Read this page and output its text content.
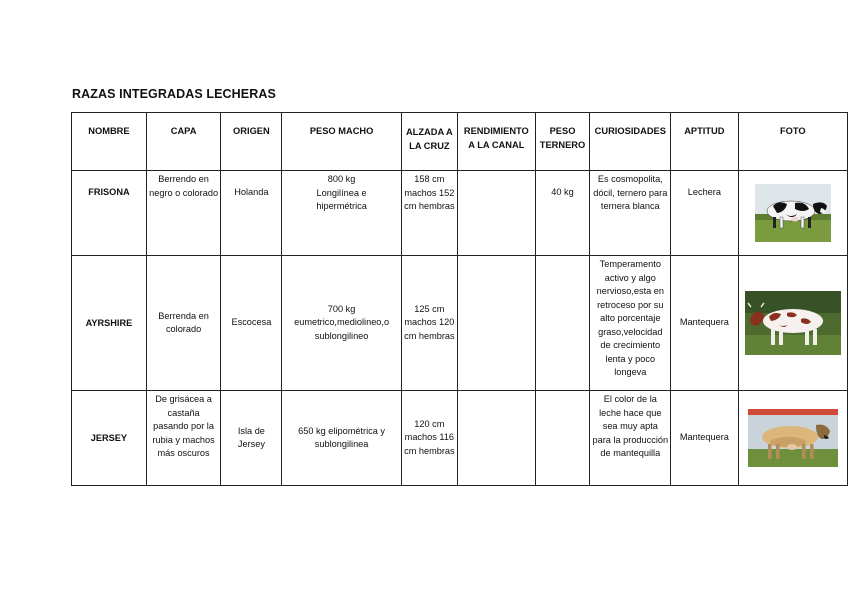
RAZAS INTEGRADAS LECHERAS
NOMBRE	CAPA	ORIGEN	PESO MACHO	ALZADA A LA CRUZ	RENDIMIENTO A LA CANAL	PESO TERNERO	CURIOSIDADES	APTITUD	FOTO
FRISONA	Berrendo en negro o colorado	Holanda	800 kg Longilínea e hipermétrica	158 cm machos 152 cm hembras		40 kg	Es cosmopolita, dócil, ternero para ternera blanca	Lechera	

AYRSHIRE	Berrenda en colorado	Escocesa	700 kg eumetrico,mediolineo,o sublongilineo	125 cm machos 120 cm hembras			Temperamento activo y algo nervioso,esta en retroceso por su alto porcentaje graso,velocidad de crecimiento lenta y poco longeva	Mantequera	

JERSEY	De grisácea a castaña pasando por la rubia y machos más oscuros	Isla de Jersey	650 kg elipométrica y sublongilinea	120 cm machos 116 cm hembras			El color de la leche hace que sea muy apta para la producción de mantequilla	Mantequera	
